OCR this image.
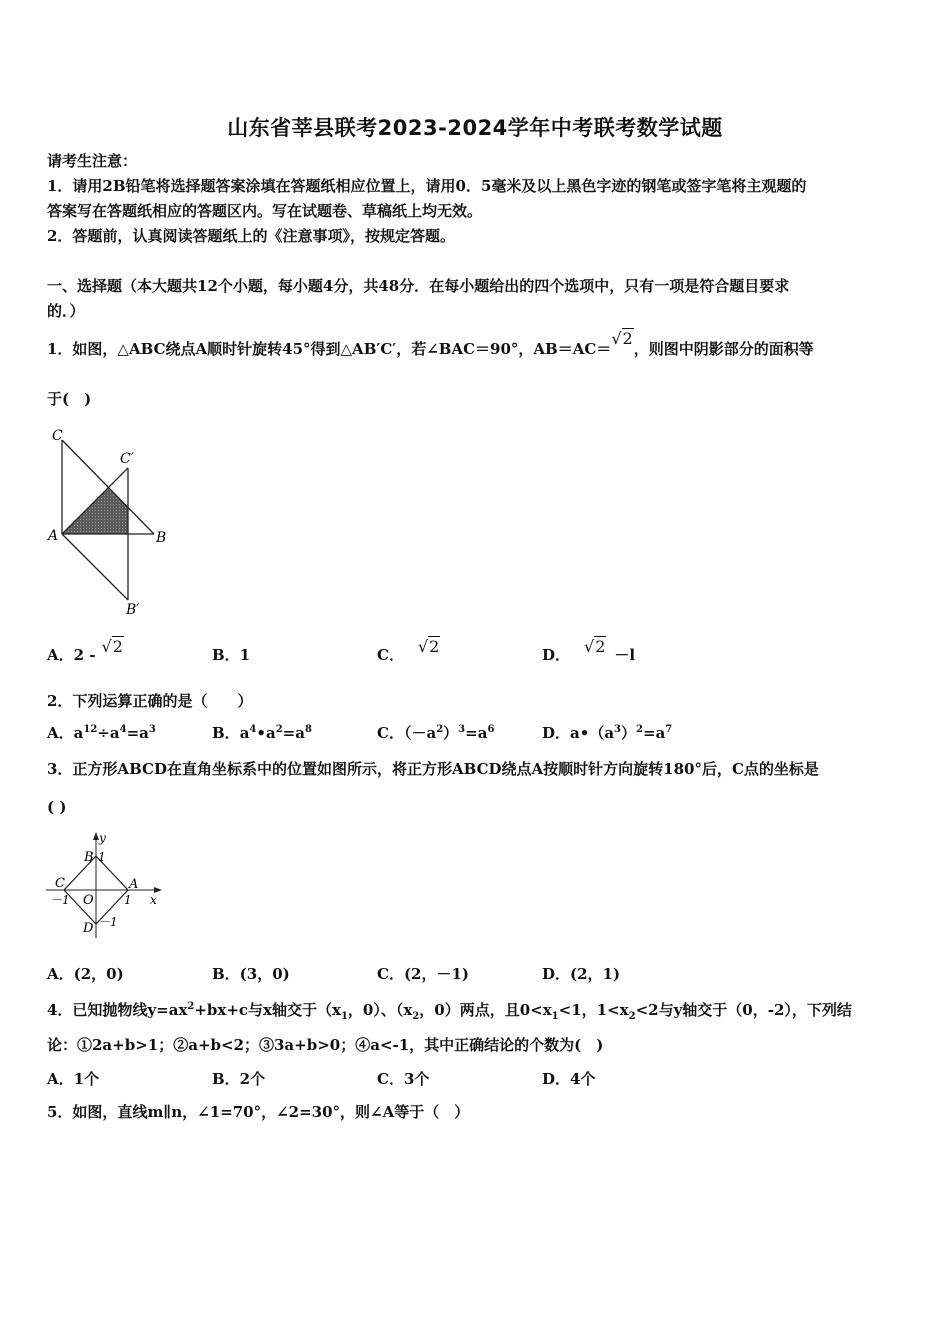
山东省莘县联考2023-2024学年中考联考数学试题
请考生注意：
1．请用2B铅笔将选择题答案涂填在答题纸相应位置上，请用0．5毫米及以上黑色字迹的钢笔或签字笔将主观题的
答案写在答题纸相应的答题区内。写在试题卷、草稿纸上均无效。
2．答题前，认真阅读答题纸上的《注意事项》，按规定答题。
一、选择题（本大题共12个小题，每小题4分，共48分．在每小题给出的四个选项中，只有一项是符合题目要求
的．）
1．如图，△ABC绕点A顺时针旋转45°得到△AB′C′，若∠BAC＝90°，AB＝AC＝√2，则图中阴影部分的面积等
于(　)
C
C′
A	B
B′
A．2 - √2	B．1	C． √2	D． √2 －l
2．下列运算正确的是（　　）
A．$a^{12}\div a^4=a^3$	B．$a^4•a^2=a^8$	C．$(-a^2)^3=a^6$	D．$a•(a^3)^2=a^7$
3．正方形ABCD在直角坐标系中的位置如图所示，将正方形ABCD绕点A按顺时针方向旋转180°后，C点的坐标是
( )
y
x
B 1
C	A
－1 O	1
D －1
A．(2，0)	B．(3，0)	C．(2，－1)	D．(2，1)
4．已知抛物线$y=ax^2+bx+c$与x轴交于（$x_1$，0）、（$x_2$，0）两点，且$0<x_1<1$，$1<x_2<2$与y轴交于（0，-2），下列结
论：①2a+b>1；②a+b<2；③3a+b>0；④a<-1，其中正确结论的个数为(　)
A．1个	B．2个	C．3个	D．4个
5．如图，直线m∥n，∠1=70°，∠2=30°，则∠A等于（　）
